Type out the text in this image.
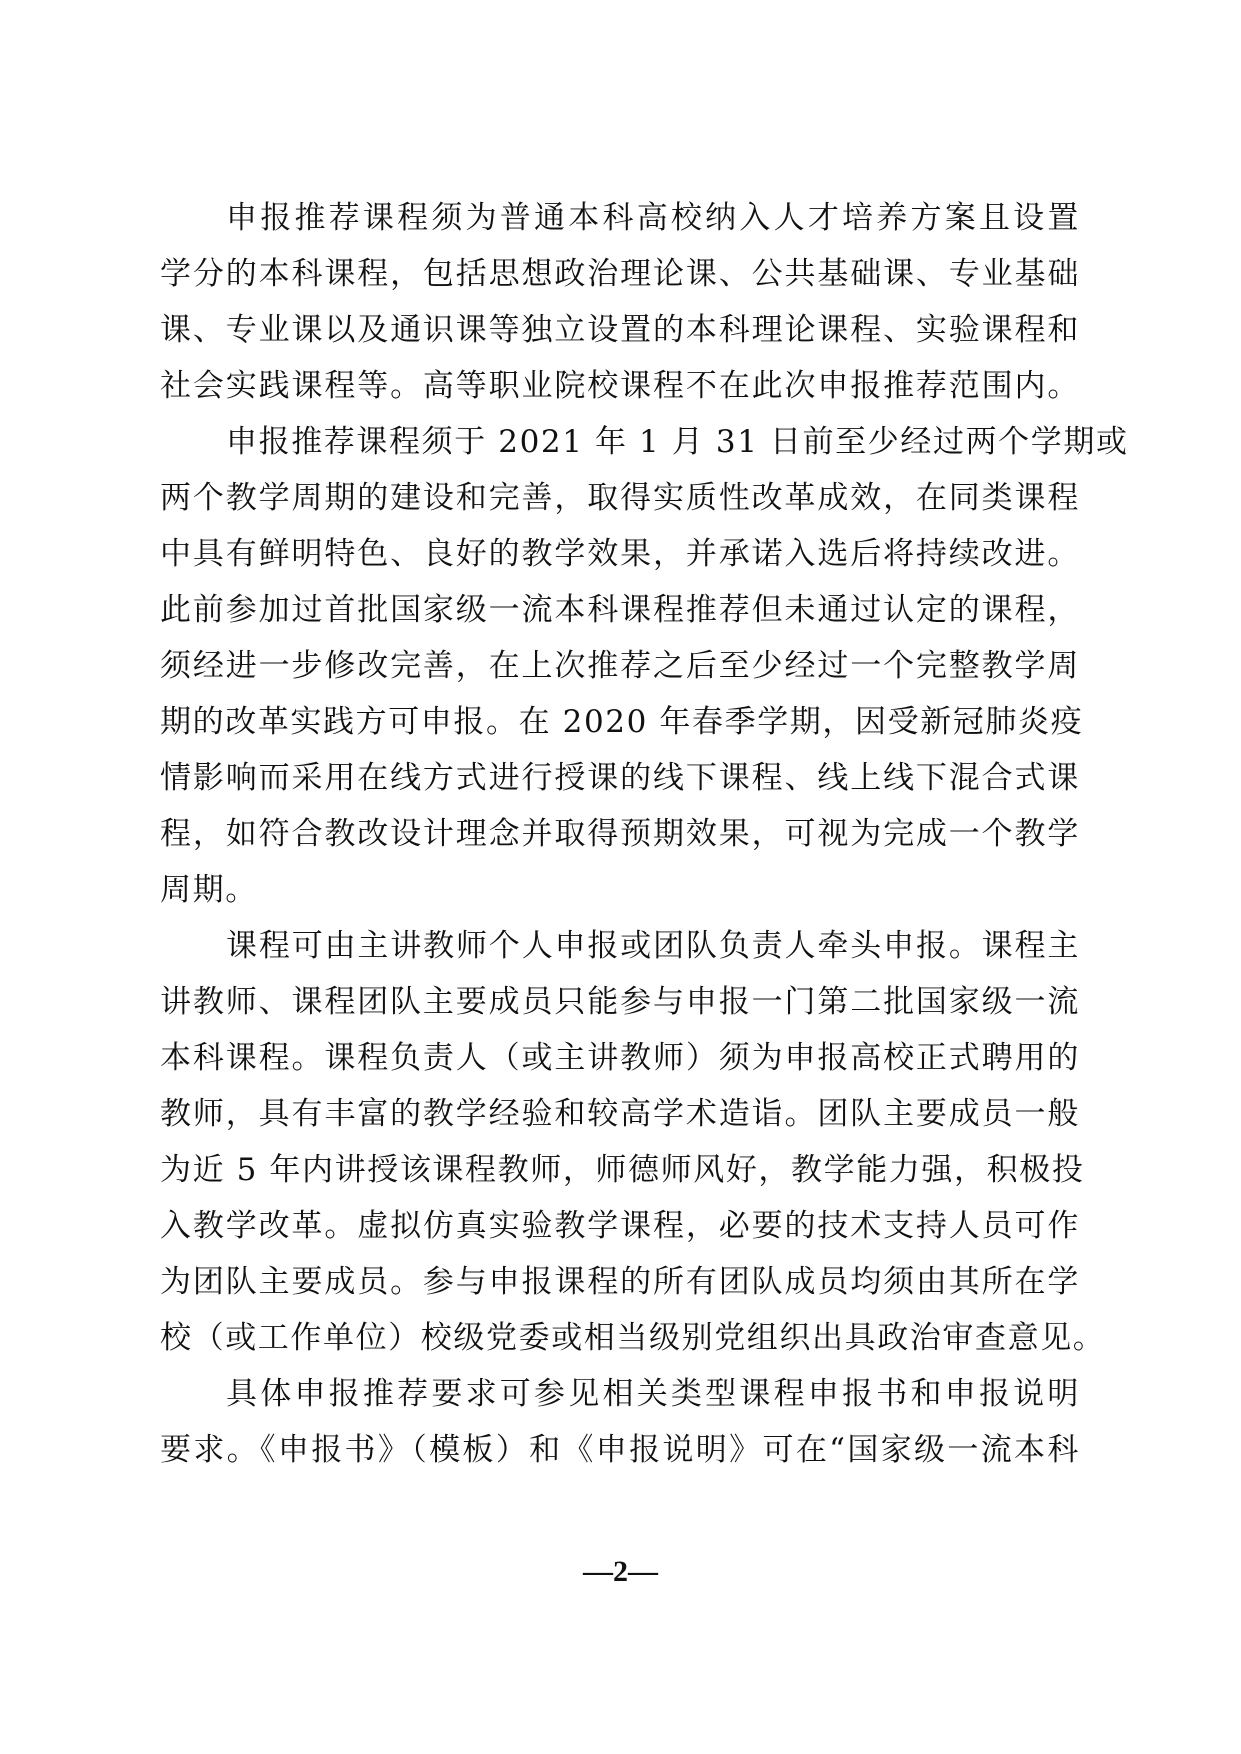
申报推荐课程须为普通本科高校纳入人才培养方案且设置
学分的本科课程，包括思想政治理论课、公共基础课、专业基础
课、专业课以及通识课等独立设置的本科理论课程、实验课程和
社会实践课程等。高等职业院校课程不在此次申报推荐范围内。
申报推荐课程须于 2021 年 1 月 31 日前至少经过两个学期或
两个教学周期的建设和完善，取得实质性改革成效，在同类课程
中具有鲜明特色、良好的教学效果，并承诺入选后将持续改进。
此前参加过首批国家级一流本科课程推荐但未通过认定的课程，
须经进一步修改完善，在上次推荐之后至少经过一个完整教学周
期的改革实践方可申报。在 2020 年春季学期，因受新冠肺炎疫
情影响而采用在线方式进行授课的线下课程、线上线下混合式课
程，如符合教改设计理念并取得预期效果，可视为完成一个教学
周期。
课程可由主讲教师个人申报或团队负责人牵头申报。课程主
讲教师、课程团队主要成员只能参与申报一门第二批国家级一流
本科课程。课程负责人（或主讲教师）须为申报高校正式聘用的
教师，具有丰富的教学经验和较高学术造诣。团队主要成员一般
为近 5 年内讲授该课程教师，师德师风好，教学能力强，积极投
入教学改革。虚拟仿真实验教学课程，必要的技术支持人员可作
为团队主要成员。参与申报课程的所有团队成员均须由其所在学
校（或工作单位）校级党委或相当级别党组织出具政治审查意见。
具体申报推荐要求可参见相关类型课程申报书和申报说明
要求。《申报书》（模板）和《申报说明》可在“国家级一流本科
—2—
